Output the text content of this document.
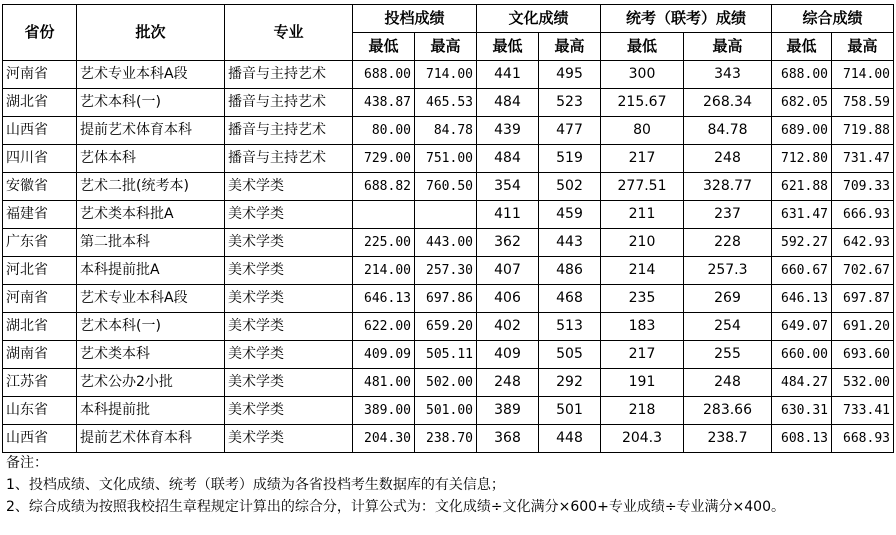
省份	批次	专业	投档成绩		文化成绩		统考（联考）成绩		综合成绩	
			最低	最高	最低	最高	最低	最高	最低	最高
河南省	艺术专业本科A段	播音与主持艺术	688.00	714.00	441	495	300	343	688.00	714.00
湖北省	艺术本科(一)	播音与主持艺术	438.87	465.53	484	523	215.67	268.34	682.05	758.59
山西省	提前艺术体育本科	播音与主持艺术	80.00	84.78	439	477	80	84.78	689.00	719.88
四川省	艺体本科	播音与主持艺术	729.00	751.00	484	519	217	248	712.80	731.47
安徽省	艺术二批(统考本)	美术学类	688.82	760.50	354	502	277.51	328.77	621.88	709.33
福建省	艺术类本科批A	美术学类			411	459	211	237	631.47	666.93
广东省	第二批本科	美术学类	225.00	443.00	362	443	210	228	592.27	642.93
河北省	本科提前批A	美术学类	214.00	257.30	407	486	214	257.3	660.67	702.67
河南省	艺术专业本科A段	美术学类	646.13	697.86	406	468	235	269	646.13	697.87
湖北省	艺术本科(一)	美术学类	622.00	659.20	402	513	183	254	649.07	691.20
湖南省	艺术类本科	美术学类	409.09	505.11	409	505	217	255	660.00	693.60
江苏省	艺术公办2小批	美术学类	481.00	502.00	248	292	191	248	484.27	532.00
山东省	本科提前批	美术学类	389.00	501.00	389	501	218	283.66	630.31	733.41
山西省	提前艺术体育本科	美术学类	204.30	238.70	368	448	204.3	238.7	608.13	668.93
备注：
1、投档成绩、文化成绩、统考（联考）成绩为各省投档考生数据库的有关信息；
2、综合成绩为按照我校招生章程规定计算出的综合分，计算公式为：文化成绩÷文化满分×600+专业成绩÷专业满分×400。
